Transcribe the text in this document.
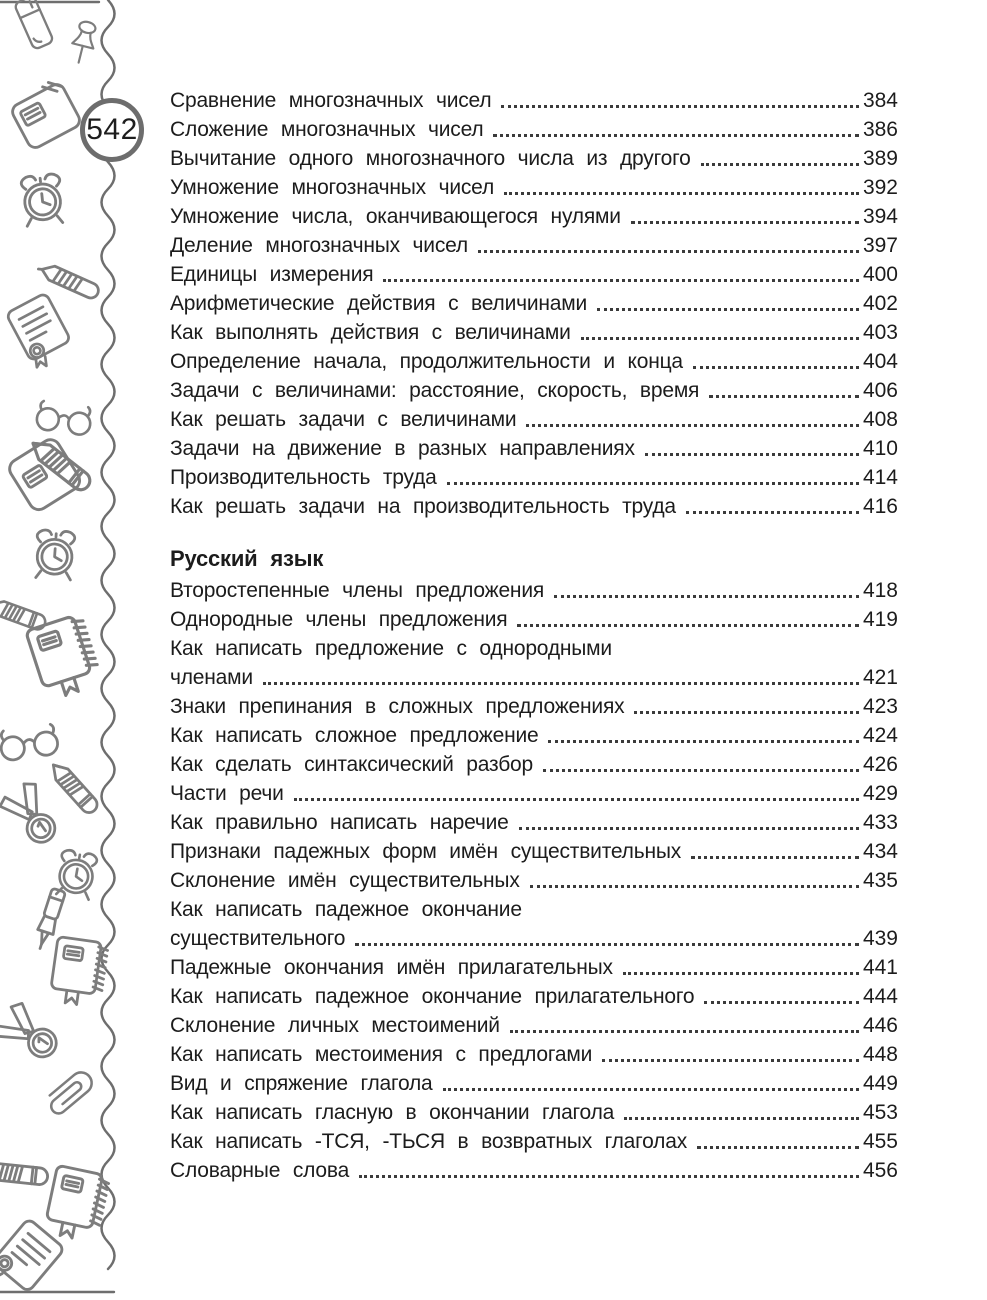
542
Сравнение многозначных чисел	384
Сложение многозначных чисел	386
Вычитание одного многозначного числа из другого	389
Умножение многозначных чисел	392
Умножение числа, оканчивающегося нулями	394
Деление многозначных чисел	397
Единицы измерения	400
Арифметические действия с величинами	402
Как выполнять действия с величинами	403
Определение начала, продолжительности и конца	404
Задачи с величинами: расстояние, скорость, время	406
Как решать задачи с величинами	408
Задачи на движение в разных направлениях	410
Производительность труда	414
Как решать задачи на производительность труда	416
Русский язык
Второстепенные члены предложения	418
Однородные члены предложения	419
Как написать предложение с однородными
членами	421
Знаки препинания в сложных предложениях	423
Как написать сложное предложение	424
Как сделать синтаксический разбор	426
Части речи	429
Как правильно написать наречие	433
Признаки падежных форм имён существительных	434
Склонение имён существительных	435
Как написать падежное окончание
существительного	439
Падежные окончания имён прилагательных	441
Как написать падежное окончание прилагательного	444
Склонение личных местоимений	446
Как написать местоимения с предлогами	448
Вид и спряжение глагола	449
Как написать гласную в окончании глагола	453
Как написать -ТСЯ, -ТЬСЯ в возвратных глаголах	455
Словарные слова	456
